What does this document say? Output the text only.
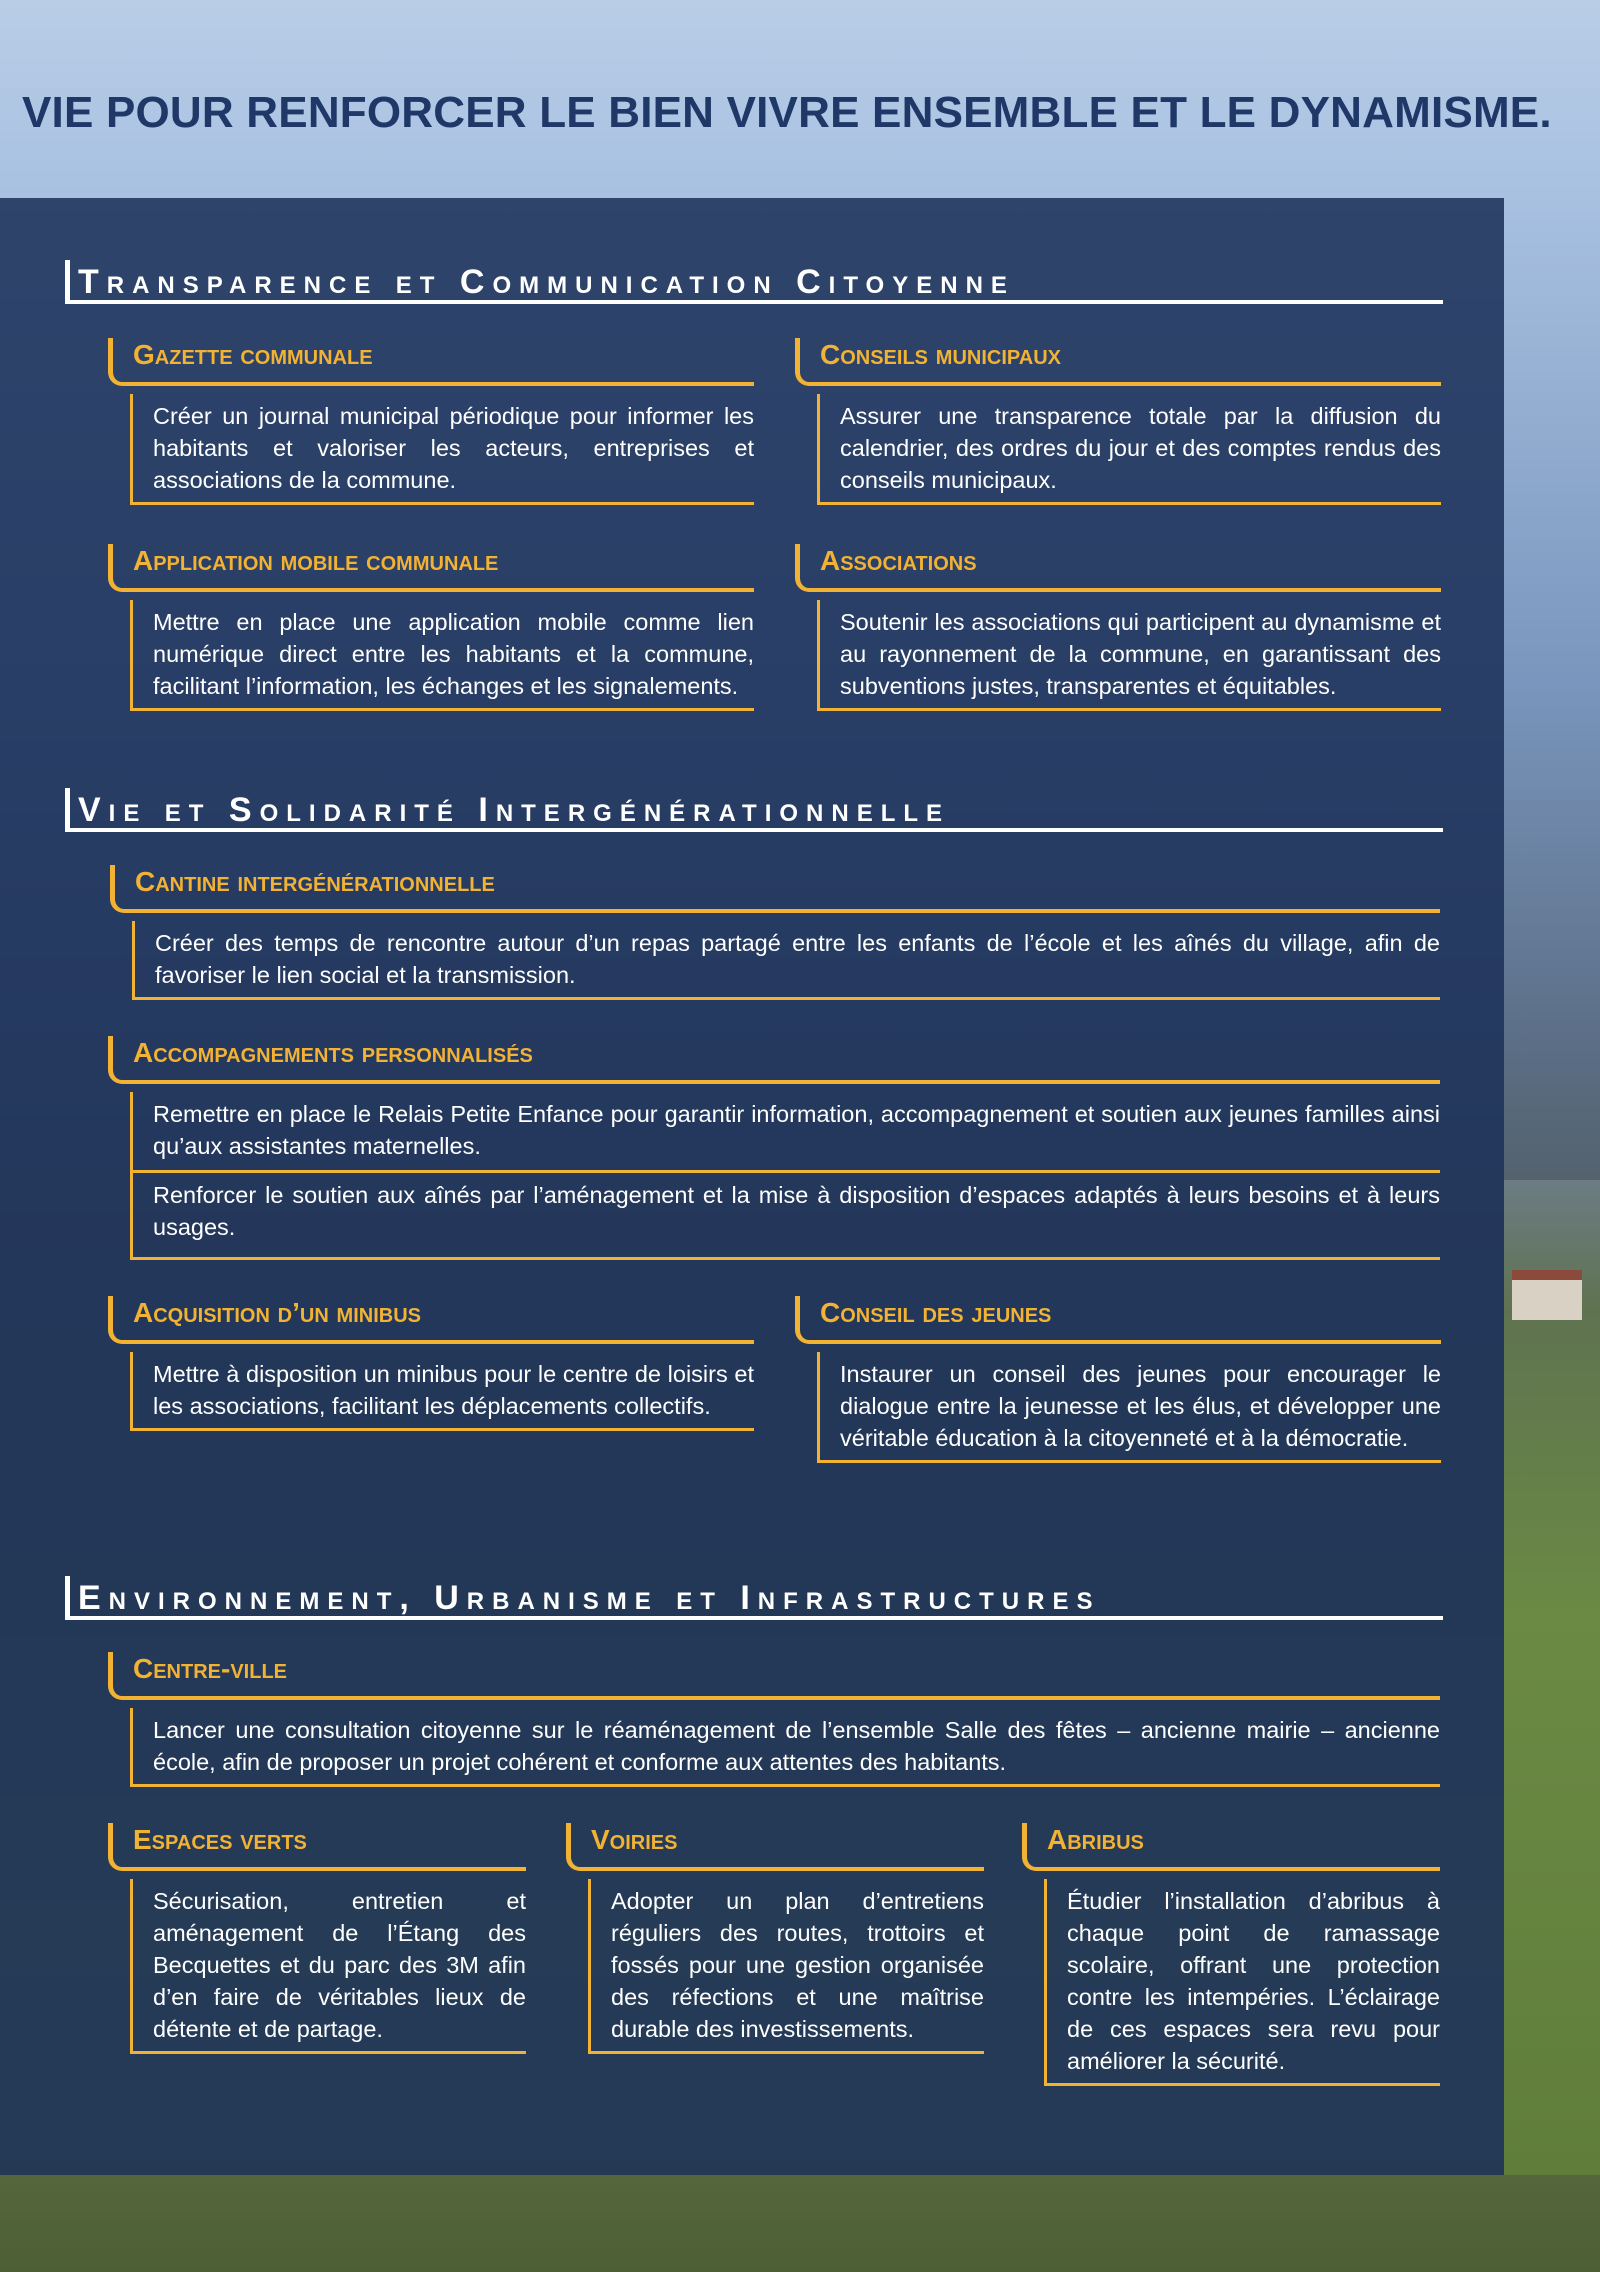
VIE POUR RENFORCER LE BIEN VIVRE ENSEMBLE ET LE DYNAMISME.
Transparence et Communication Citoyenne
Gazette communale

Créer un journal municipal périodique pour informer les habitants et valoriser les acteurs, entreprises et associations de la commune.

Conseils municipaux

Assurer une transparence totale par la diffusion du calendrier, des ordres du jour et des comptes rendus des conseils municipaux.

Application mobile communale

Mettre en place une application mobile comme lien numérique direct entre les habitants et la commune, facilitant l’information, les échanges et les signalements.

Associations

Soutenir les associations qui participent au dynamisme et au rayonnement de la commune, en garantissant des subventions justes, transparentes et équitables.

Vie et Solidarité Intergénérationnelle
Cantine intergénérationnelle

Créer des temps de rencontre autour d’un repas partagé entre les enfants de l’école et les aînés du village, afin de favoriser le lien social et la transmission.

Accompagnements personnalisés

Remettre en place le Relais Petite Enfance pour garantir information, accompagnement et soutien aux jeunes familles ainsi qu’aux assistantes maternelles.

Renforcer le soutien aux aînés par l’aménagement et la mise à disposition d’espaces adaptés à leurs besoins et à leurs usages.

Acquisition d’un minibus

Mettre à disposition un minibus pour le centre de loisirs et les associations, facilitant les déplacements collectifs.

Conseil des jeunes

Instaurer un conseil des jeunes pour encourager le dialogue entre la jeunesse et les élus, et développer une véritable éducation à la citoyenneté et à la démocratie.

Environnement, Urbanisme et Infrastructures
Centre-ville

Lancer une consultation citoyenne sur le réaménagement de l’ensemble Salle des fêtes – ancienne mairie – ancienne école, afin de proposer un projet cohérent et conforme aux attentes des habitants.

Espaces verts

Sécurisation, entretien et aménagement de l’Étang des Becquettes et du parc des 3M afin d’en faire de véritables lieux de détente et de partage.

Voiries

Adopter un plan d’entretiens réguliers des routes, trottoirs et fossés pour une gestion organisée des réfections et une maîtrise durable des investissements.

Abribus

Étudier l’installation d’abribus à chaque point de ramassage scolaire, offrant une protection contre les intempéries. L’éclairage de ces espaces sera revu pour améliorer la sécurité.
